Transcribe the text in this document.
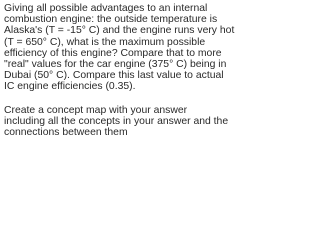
Giving all possible advantages to an internal
combustion engine: the outside temperature is
Alaska's (T = -15° C) and the engine runs very hot
(T = 650° C), what is the maximum possible
efficiency of this engine? Compare that to more
"real" values for the car engine (375° C) being in
Dubai (50° C). Compare this last value to actual
IC engine efficiencies (0.35).
Create a concept map with your answer
including all the concepts in your answer and the
connections between them
